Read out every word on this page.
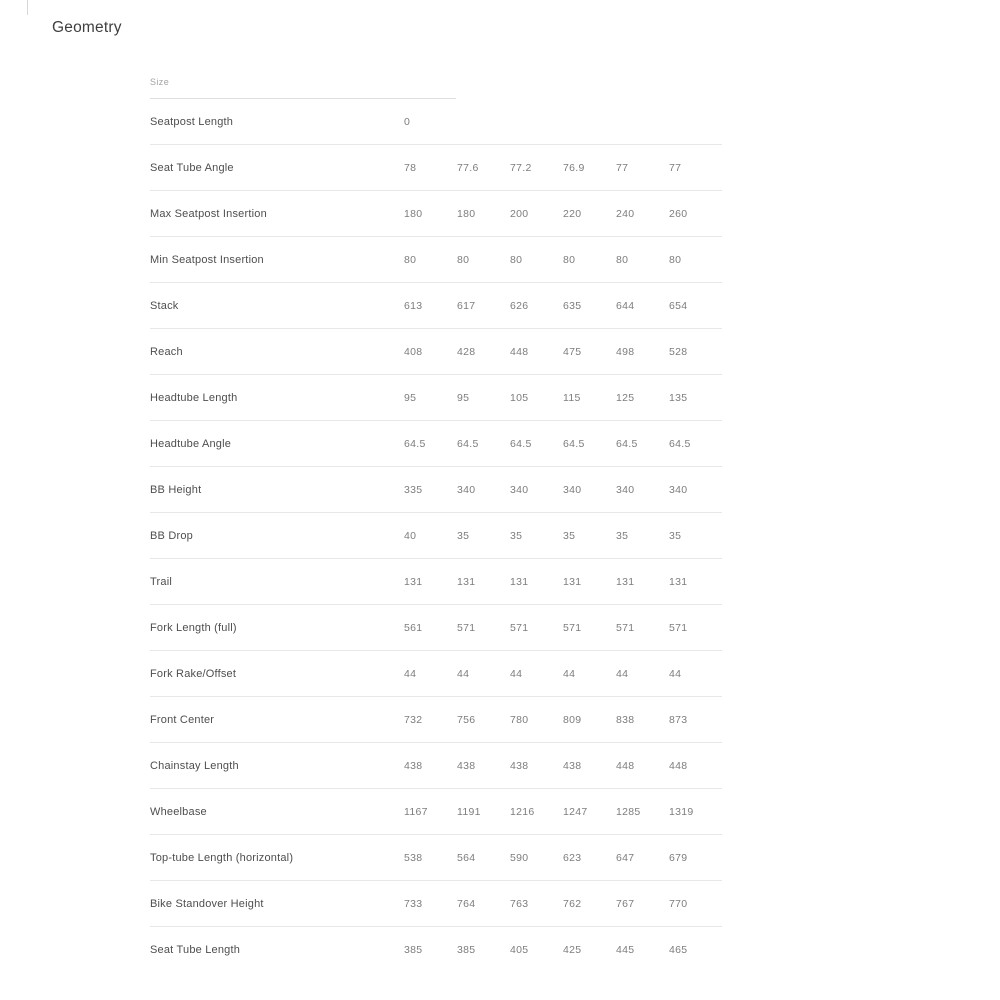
Geometry
Size
Seatpost Length	0
Seat Tube Angle	78	77.6	77.2	76.9	77	77
Max Seatpost Insertion	180	180	200	220	240	260
Min Seatpost Insertion	80	80	80	80	80	80
Stack	613	617	626	635	644	654
Reach	408	428	448	475	498	528
Headtube Length	95	95	105	115	125	135
Headtube Angle	64.5	64.5	64.5	64.5	64.5	64.5
BB Height	335	340	340	340	340	340
BB Drop	40	35	35	35	35	35
Trail	131	131	131	131	131	131
Fork Length (full)	561	571	571	571	571	571
Fork Rake/Offset	44	44	44	44	44	44
Front Center	732	756	780	809	838	873
Chainstay Length	438	438	438	438	448	448
Wheelbase	1167	1191	1216	1247	1285	1319
Top-tube Length (horizontal)	538	564	590	623	647	679
Bike Standover Height	733	764	763	762	767	770
Seat Tube Length	385	385	405	425	445	465
